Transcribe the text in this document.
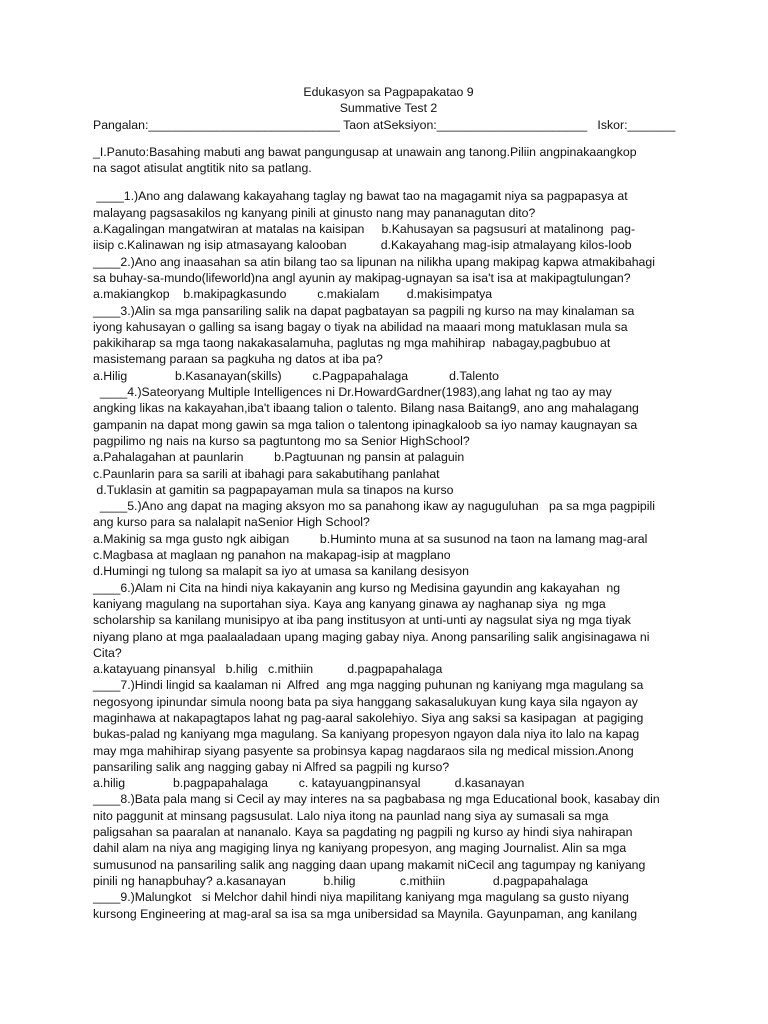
Edukasyon sa Pagpapakatao 9
Summative Test 2
Pangalan:____________________________ Taon atSeksiyon:______________________   Iskor:_______
_I.Panuto:Basahing mabuti ang bawat pangungusap at unawain ang tanong.Piliin angpinakaangkop
na sagot atisulat angtitik nito sa patlang.
____1.)Ano ang dalawang kakayahang taglay ng bawat tao na magagamit niya sa pagpapasya at
malayang pagsasakilos ng kanyang pinili at ginusto nang may pananagutan dito?
a.Kagalingan mangatwiran at matalas na kaisipan     b.Kahusayan sa pagsusuri at matalinong  pag-
iisip c.Kalinawan ng isip atmasayang kalooban          d.Kakayahang mag-isip atmalayang kilos-loob
____2.)Ano ang inaasahan sa atin bilang tao sa lipunan na nilikha upang makipag kapwa atmakibahagi
sa buhay-sa-mundo(lifeworld)na angl ayunin ay makipag-ugnayan sa isa't isa at makipagtulungan?
a.makiangkop    b.makipagkasundo         c.makialam        d.makisimpatya
____3.)Alin sa mga pansariling salik na dapat pagbatayan sa pagpili ng kurso na may kinalaman sa
iyong kahusayan o galling sa isang bagay o tiyak na abilidad na maaari mong matuklasan mula sa
pakikiharap sa mga taong nakakasalamuha, paglutas ng mga mahihirap  nabagay,pagbubuo at
masistemang paraan sa pagkuha ng datos at iba pa?
a.Hilig              b.Kasanayan(skills)         c.Pagpapahalaga            d.Talento
____4.)Sateoryang Multiple Intelligences ni Dr.HowardGardner(1983),ang lahat ng tao ay may
angking likas na kakayahan,iba't ibaang talion o talento. Bilang nasa Baitang9, ano ang mahalagang
gampanin na dapat mong gawin sa mga talion o talentong ipinagkaloob sa iyo namay kaugnayan sa
pagpilimo ng nais na kurso sa pagtuntong mo sa Senior HighSchool?
a.Pahalagahan at paunlarin         b.Pagtuunan ng pansin at palaguin
c.Paunlarin para sa sarili at ibahagi para sakabutihang panlahat
d.Tuklasin at gamitin sa pagpapayaman mula sa tinapos na kurso
____5.)Ano ang dapat na maging aksyon mo sa panahong ikaw ay naguguluhan   pa sa mga pagpipili
ang kurso para sa nalalapit naSenior High School?
a.Makinig sa mga gusto ngk aibigan         b.Huminto muna at sa susunod na taon na lamang mag-aral
c.Magbasa at maglaan ng panahon na makapag-isip at magplano
d.Humingi ng tulong sa malapit sa iyo at umasa sa kanilang desisyon
____6.)Alam ni Cita na hindi niya kakayanin ang kurso ng Medisina gayundin ang kakayahan  ng
kaniyang magulang na suportahan siya. Kaya ang kanyang ginawa ay naghanap siya  ng mga
scholarship sa kanilang munisipyo at iba pang institusyon at unti-unti ay nagsulat siya ng mga tiyak
niyang plano at mga paalaaladaan upang maging gabay niya. Anong pansariling salik angisinagawa ni
Cita?
a.katayuang pinansyal   b.hilig   c.mithiin          d.pagpapahalaga
____7.)Hindi lingid sa kaalaman ni  Alfred  ang mga nagging puhunan ng kaniyang mga magulang sa
negosyong ipinundar simula noong bata pa siya hanggang sakasalukuyan kung kaya sila ngayon ay
maginhawa at nakapagtapos lahat ng pag-aaral sakolehiyo. Siya ang saksi sa kasipagan  at pagiging
bukas-palad ng kaniyang mga magulang. Sa kaniyang propesyon ngayon dala niya ito lalo na kapag
may mga mahihirap siyang pasyente sa probinsya kapag nagdaraos sila ng medical mission.Anong
pansariling salik ang nagging gabay ni Alfred sa pagpili ng kurso?
a.hilig              b.pagpapahalaga         c. katayuangpinansyal          d.kasanayan
____8.)Bata pala mang si Cecil ay may interes na sa pagbabasa ng mga Educational book, kasabay din
nito paggunit at minsang pagsusulat. Lalo niya itong na paunlad nang siya ay sumasali sa mga
paligsahan sa paaralan at nananalo. Kaya sa pagdating ng pagpili ng kurso ay hindi siya nahirapan
dahil alam na niya ang magiging linya ng kaniyang propesyon, ang maging Journalist. Alin sa mga
sumusunod na pansariling salik ang nagging daan upang makamit niCecil ang tagumpay ng kaniyang
pinili ng hanapbuhay? a.kasanayan           b.hilig             c.mithiin              d.pagpapahalaga
____9.)Malungkot   si Melchor dahil hindi niya mapilitang kaniyang mga magulang sa gusto niyang
kursong Engineering at mag-aral sa isa sa mga unibersidad sa Maynila. Gayunpaman, ang kanilang
